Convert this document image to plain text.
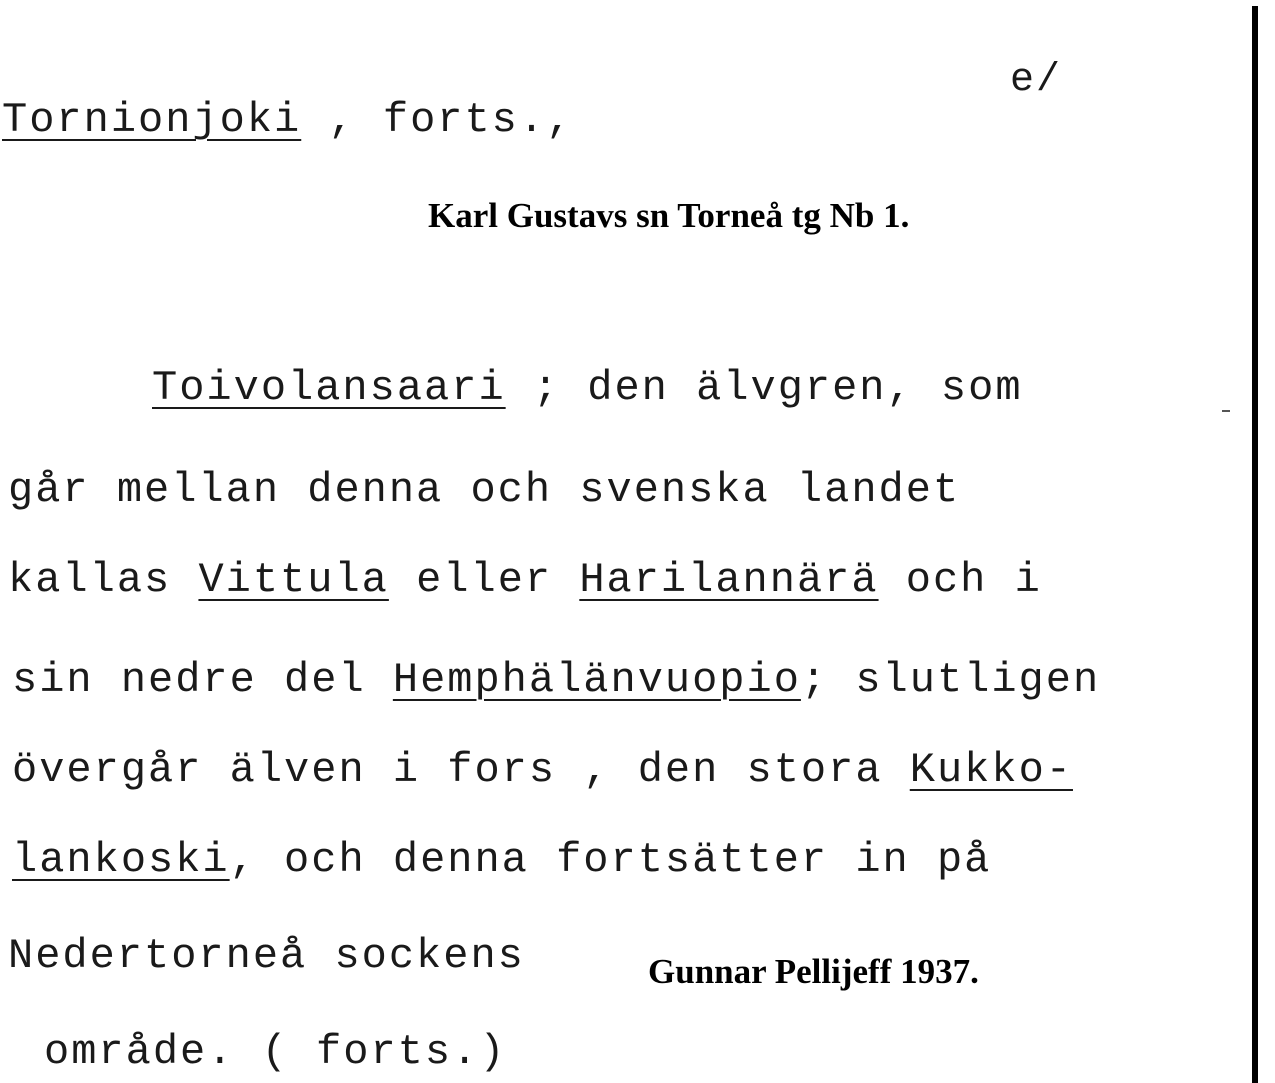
e/
Tornionjoki , forts.,
Karl Gustavs sn Torneå tg Nb 1.
Toivolansaari ; den älvgren, som
går mellan denna och svenska landet
kallas Vittula eller Harilannärä och i
sin nedre del Hemphälänvuopio; slutligen
övergår älven i fors , den stora Kukko-
lankoski, och denna fortsätter in på
Nedertorneå sockens	Gunnar Pellijeff 1937.
område. ( forts.)
